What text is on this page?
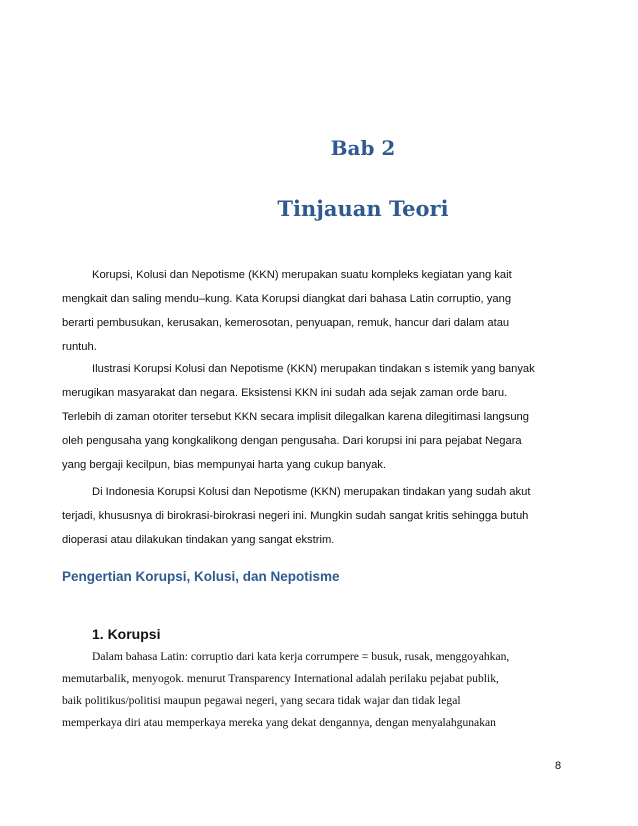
Bab 2
Tinjauan Teori
Korupsi, Kolusi dan Nepotisme (KKN) merupakan suatu kompleks kegiatan yang kait
mengkait dan saling mendu–kung. Kata Korupsi diangkat dari bahasa Latin corruptio, yang
berarti pembusukan, kerusakan, kemerosotan, penyuapan, remuk, hancur dari dalam atau
runtuh.
Ilustrasi Korupsi Kolusi dan Nepotisme (KKN) merupakan tindakan s istemik yang banyak
merugikan masyarakat dan negara. Eksistensi KKN ini sudah ada sejak zaman orde baru.
Terlebih di zaman otoriter tersebut KKN secara implisit dilegalkan karena dilegitimasi langsung
oleh pengusaha yang kongkalikong dengan pengusaha. Dari korupsi ini para pejabat Negara
yang bergaji kecilpun, bias mempunyai harta yang cukup banyak.
Di Indonesia Korupsi Kolusi dan Nepotisme (KKN) merupakan tindakan yang sudah akut
terjadi, khususnya di birokrasi-birokrasi negeri ini. Mungkin sudah sangat kritis sehingga butuh
dioperasi atau dilakukan tindakan yang sangat ekstrim.
Pengertian Korupsi, Kolusi, dan Nepotisme
1. Korupsi
Dalam bahasa Latin: corruptio dari kata kerja corrumpere = busuk, rusak, menggoyahkan,
memutarbalik, menyogok. menurut Transparency International adalah perilaku pejabat publik,
baik politikus/politisi maupun pegawai negeri, yang secara tidak wajar dan tidak legal
memperkaya diri atau memperkaya mereka yang dekat dengannya, dengan menyalahgunakan
8
